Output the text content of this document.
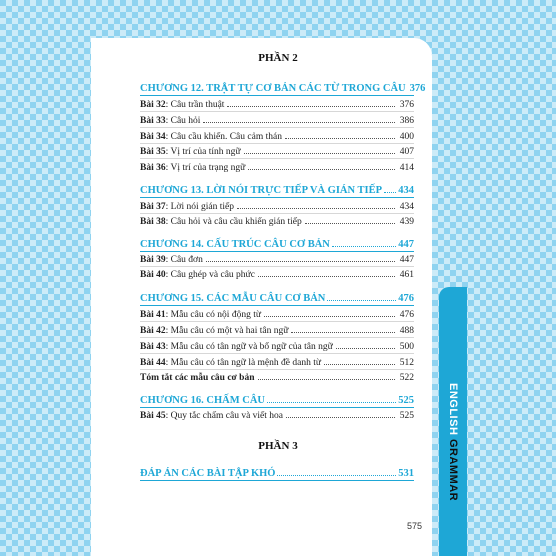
PHẦN 2
CHƯƠNG 12. TRẬT TỰ CƠ BẢN CÁC TỪ TRONG CÂU 376
Bài 32 : Câu trần thuật	376
Bài 33 : Câu hỏi	386
Bài 34 : Câu cầu khiến. Câu cảm thán	400
Bài 35 : Vị trí của tính ngữ	407
Bài 36 : Vị trí của trạng ngữ	414
CHƯƠNG 13. LỜI NÓI TRỰC TIẾP VÀ GIÁN TIẾP 434
Bài 37 : Lời nói gián tiếp	434
Bài 38 : Câu hỏi và câu cầu khiến gián tiếp	439
CHƯƠNG 14. CẤU TRÚC CÂU CƠ BẢN	447
Bài 39 : Câu đơn	447
Bài 40 : Câu ghép và câu phức	461
CHƯƠNG 15. CÁC MẪU CÂU CƠ BẢN	476
Bài 41 : Mẫu câu có nội động từ	476
Bài 42 : Mẫu câu có một và hai tân ngữ	488
Bài 43 : Mẫu câu có tân ngữ và bổ ngữ của tân ngữ	500
Bài 44 : Mẫu câu có tân ngữ là mệnh đề danh từ	512
Tóm tắt các mẫu câu cơ bản	522
CHƯƠNG 16. CHẤM CÂU	525
Bài 45 : Quy tắc chấm câu và viết hoa	525
PHẦN 3
ĐÁP ÁN CÁC BÀI TẬP KHÓ	531
575
ENGLISH GRAMMAR
